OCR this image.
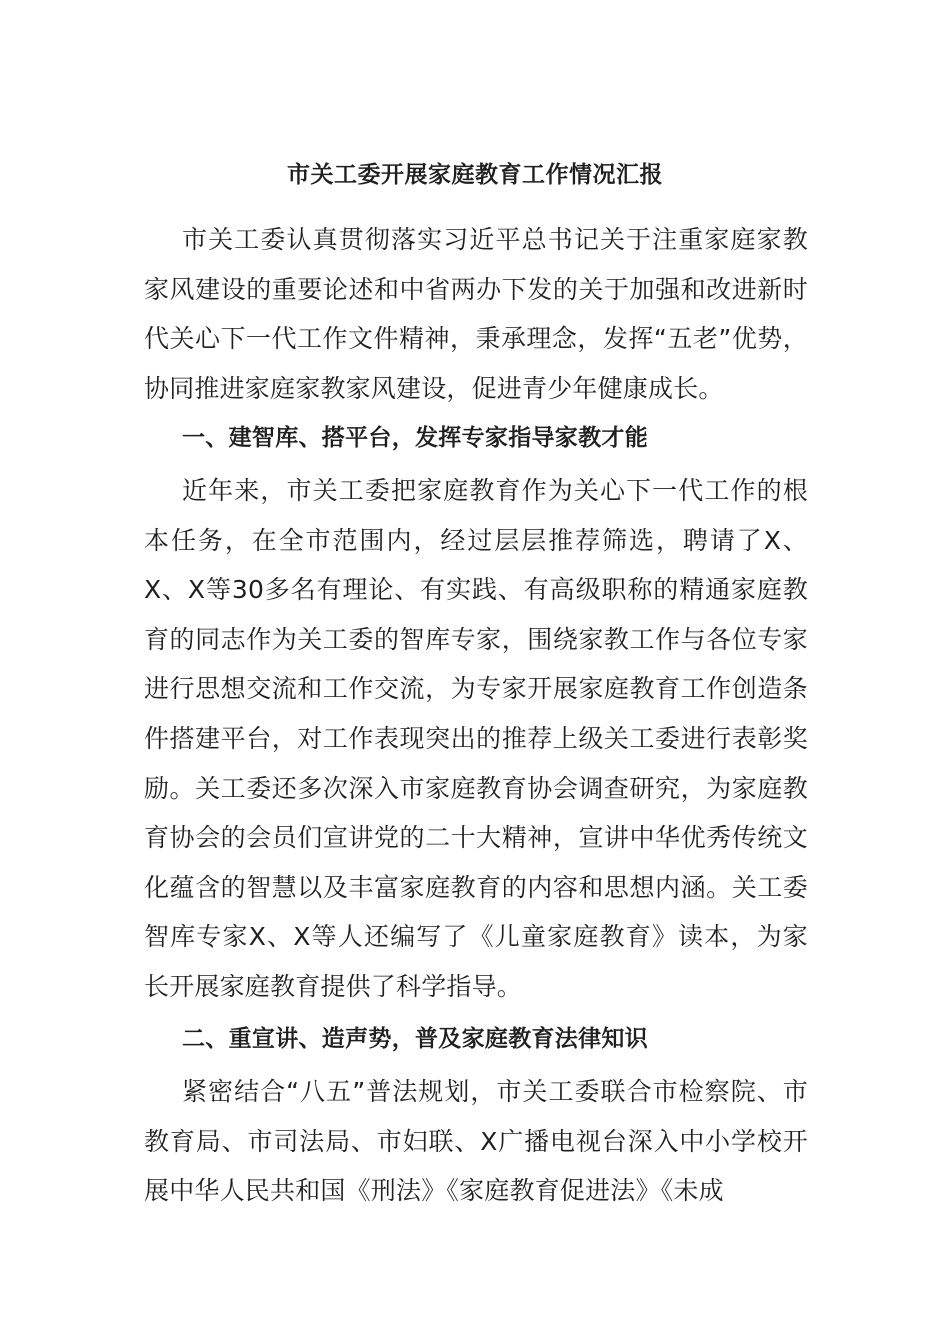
市关工委开展家庭教育工作情况汇报

市关工委认真贯彻落实习近平总书记关于注重家庭家教家风建设的重要论述和中省两办下发的关于加强和改进新时代关心下一代工作文件精神，秉承理念，发挥“五老”优势，协同推进家庭家教家风建设，促进青少年健康成长。

一、建智库、搭平台，发挥专家指导家教才能

近年来，市关工委把家庭教育作为关心下一代工作的根本任务，在全市范围内，经过层层推荐筛选，聘请了X、X、X等30多名有理论、有实践、有高级职称的精通家庭教育的同志作为关工委的智库专家，围绕家教工作与各位专家进行思想交流和工作交流，为专家开展家庭教育工作创造条件搭建平台，对工作表现突出的推荐上级关工委进行表彰奖励。关工委还多次深入市家庭教育协会调查研究，为家庭教育协会的会员们宣讲党的二十大精神，宣讲中华优秀传统文化蕴含的智慧以及丰富家庭教育的内容和思想内涵。关工委智库专家X、X等人还编写了《儿童家庭教育》读本，为家长开展家庭教育提供了科学指导。

二、重宣讲、造声势，普及家庭教育法律知识

紧密结合“八五”普法规划，市关工委联合市检察院、市教育局、市司法局、市妇联、X广播电视台深入中小学校开展中华人民共和国《刑法》《家庭教育促进法》《未成
